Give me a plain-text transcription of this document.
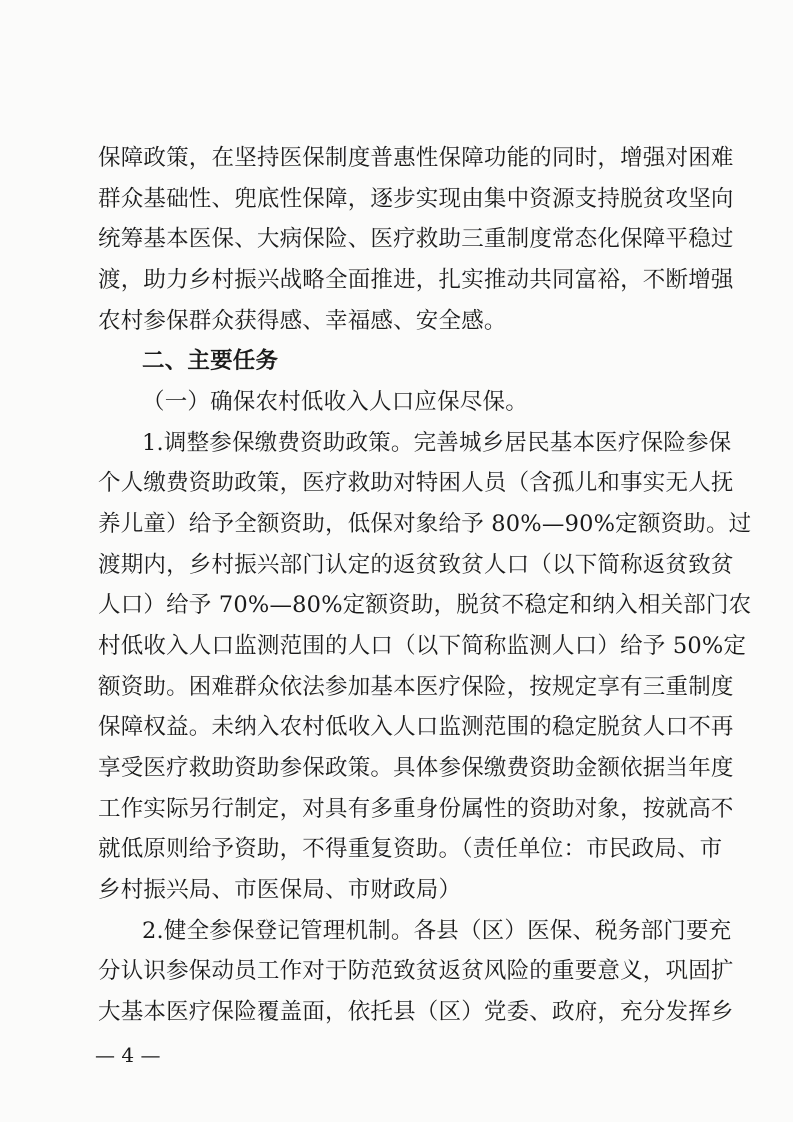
保障政策，在坚持医保制度普惠性保障功能的同时，增强对困难
群众基础性、兜底性保障，逐步实现由集中资源支持脱贫攻坚向
统筹基本医保、大病保险、医疗救助三重制度常态化保障平稳过
渡，助力乡村振兴战略全面推进，扎实推动共同富裕，不断增强
农村参保群众获得感、幸福感、安全感。
二、主要任务
（一）确保农村低收入人口应保尽保。
1.调整参保缴费资助政策。完善城乡居民基本医疗保险参保
个人缴费资助政策，医疗救助对特困人员（含孤儿和事实无人抚
养儿童）给予全额资助，低保对象给予 80%—90%定额资助。过
渡期内，乡村振兴部门认定的返贫致贫人口（以下简称返贫致贫
人口）给予 70%—80%定额资助，脱贫不稳定和纳入相关部门农
村低收入人口监测范围的人口（以下简称监测人口）给予 50%定
额资助。困难群众依法参加基本医疗保险，按规定享有三重制度
保障权益。未纳入农村低收入人口监测范围的稳定脱贫人口不再
享受医疗救助资助参保政策。具体参保缴费资助金额依据当年度
工作实际另行制定，对具有多重身份属性的资助对象，按就高不
就低原则给予资助，不得重复资助。（责任单位：市民政局、市
乡村振兴局、市医保局、市财政局）
2.健全参保登记管理机制。各县（区）医保、税务部门要充
分认识参保动员工作对于防范致贫返贫风险的重要意义，巩固扩
大基本医疗保险覆盖面，依托县（区）党委、政府，充分发挥乡
— 4 —
